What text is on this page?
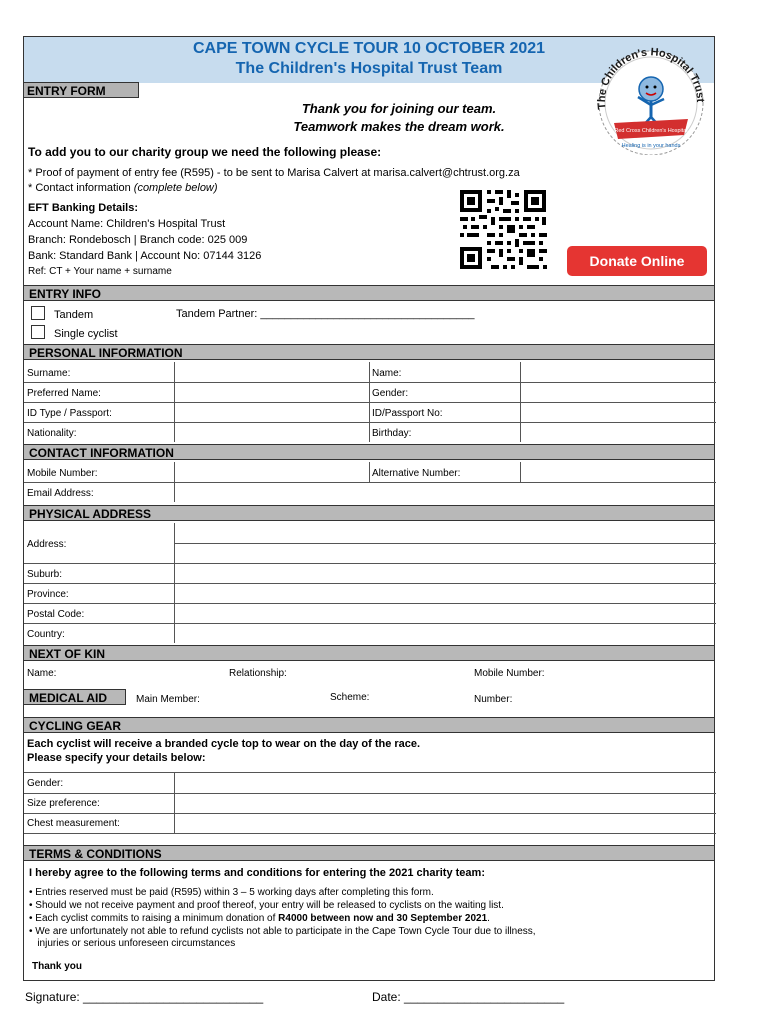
CAPE TOWN CYCLE TOUR 10 OCTOBER 2021
The Children's Hospital Trust Team
ENTRY FORM
The Children's Hospital Trust
Red Cross Children's Hospital
Healing is in your hands
Thank you for joining our team.
Teamwork makes the dream work.
To add you to our charity group we need the following please:
* Proof of payment of entry fee (R595) - to be sent to Marisa Calvert at marisa.calvert@chtrust.org.za
* Contact information (complete below)
EFT Banking Details:
Account Name: Children's Hospital Trust
Branch: Rondebosch | Branch code: 025 009
Bank: Standard Bank | Account No: 07144 3126
Ref: CT + Your name + surname
Donate Online
ENTRY INFO
Tandem	Tandem Partner: ___________________________________
Single cyclist
PERSONAL INFORMATION
Surname:	Name:
Preferred Name:	Gender:
ID Type / Passport:	ID/Passport No:
Nationality:	Birthday:
CONTACT INFORMATION
Mobile Number:	Alternative Number:
Email Address:
PHYSICAL ADDRESS
Address:
Suburb:
Province:
Postal Code:
Country:
NEXT OF KIN
Name:	Relationship:	Mobile Number:
MEDICAL AID	Main Member:	Scheme:	Number:
CYCLING GEAR
Each cyclist will receive a branded cycle top to wear on the day of the race.
Please specify your details below:
Gender:
Size preference:
Chest measurement:
TERMS & CONDITIONS
I hereby agree to the following terms and conditions for entering the 2021 charity team:
• Entries reserved must be paid (R595) within 3 – 5 working days after completing this form.
• Should we not receive payment and proof thereof, your entry will be released to cyclists on the waiting list.
• Each cyclist commits to raising a minimum donation of R4000 between now and 30 September 2021.
• We are unfortunately not able to refund cyclists not able to participate in the Cape Town Cycle Tour due to illness,
injuries or serious unforeseen circumstances
Thank you
Signature: ___________________________	Date: ________________________
